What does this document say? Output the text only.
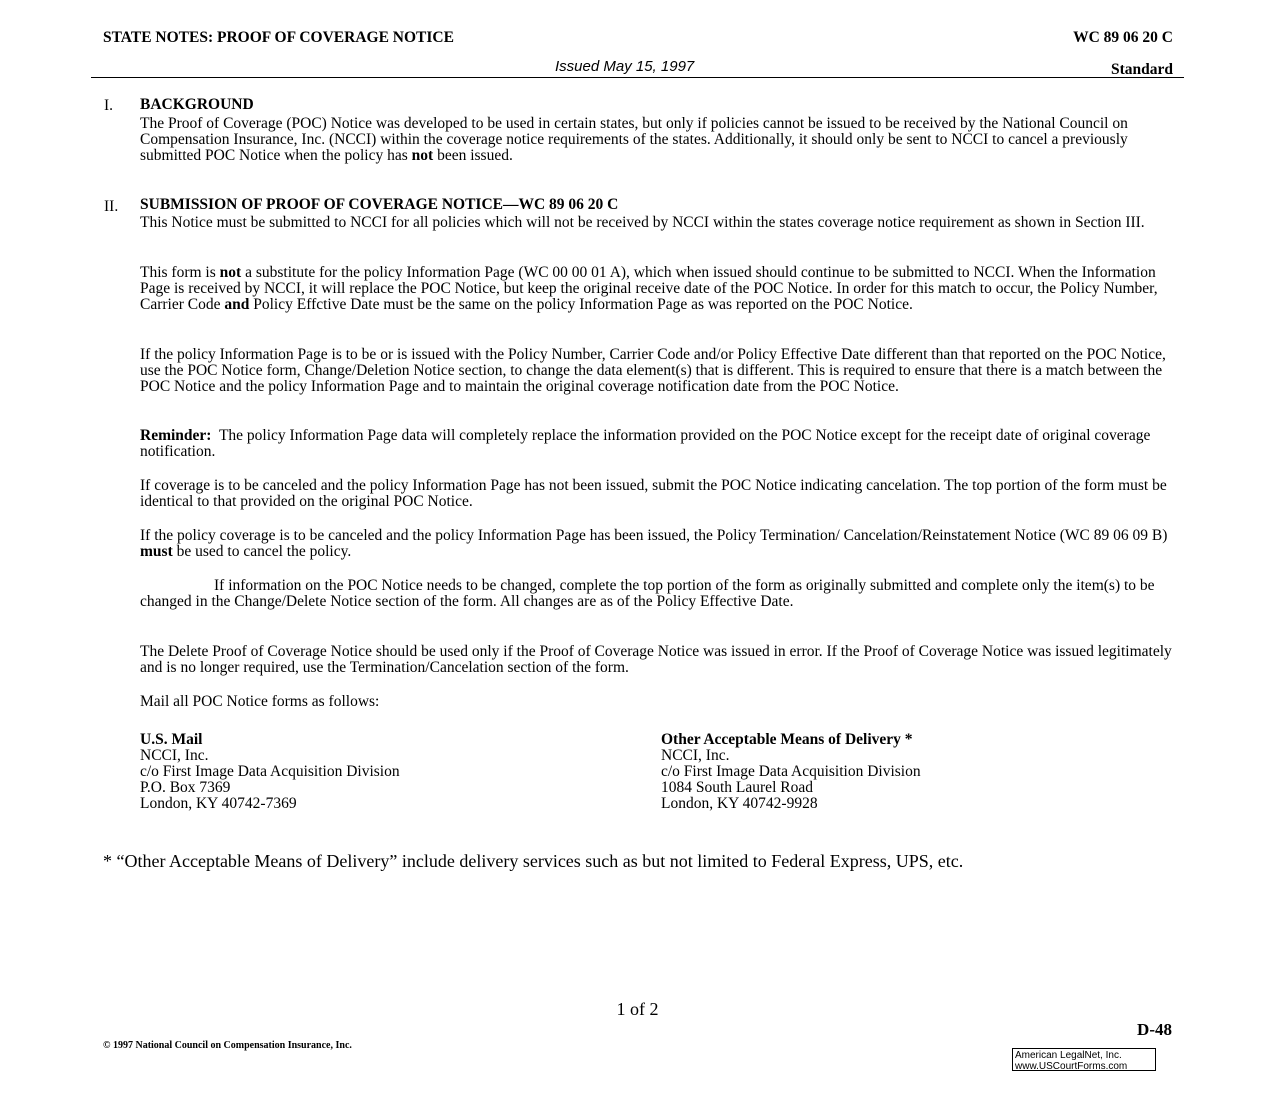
STATE NOTES: PROOF OF COVERAGE NOTICE	WC 89 06 20 C
Issued May 15, 1997	Standard
I. BACKGROUND
The Proof of Coverage (POC) Notice was developed to be used in certain states, but only if policies cannot be issued to be received by the National Council on Compensation Insurance, Inc. (NCCI) within the coverage notice requirements of the states. Additionally, it should only be sent to NCCI to cancel a previously submitted POC Notice when the policy has not been issued.
II. SUBMISSION OF PROOF OF COVERAGE NOTICE—WC 89 06 20 C
This Notice must be submitted to NCCI for all policies which will not be received by NCCI within the states coverage notice requirement as shown in Section III.
This form is not a substitute for the policy Information Page (WC 00 00 01 A), which when issued should continue to be submitted to NCCI. When the Information Page is received by NCCI, it will replace the POC Notice, but keep the original receive date of the POC Notice. In order for this match to occur, the Policy Number, Carrier Code and Policy Effctive Date must be the same on the policy Information Page as was reported on the POC Notice.
If the policy Information Page is to be or is issued with the Policy Number, Carrier Code and/or Policy Effective Date different than that reported on the POC Notice, use the POC Notice form, Change/Deletion Notice section, to change the data element(s) that is different. This is required to ensure that there is a match between the POC Notice and the policy Information Page and to maintain the original coverage notification date from the POC Notice.
Reminder: The policy Information Page data will completely replace the information provided on the POC Notice except for the receipt date of original coverage notification.
If coverage is to be canceled and the policy Information Page has not been issued, submit the POC Notice indicating cancelation. The top portion of the form must be identical to that provided on the original POC Notice.
If the policy coverage is to be canceled and the policy Information Page has been issued, the Policy Termination/ Cancelation/Reinstatement Notice (WC 89 06 09 B) must be used to cancel the policy.
If information on the POC Notice needs to be changed, complete the top portion of the form as originally submitted and complete only the item(s) to be changed in the Change/Delete Notice section of the form. All changes are as of the Policy Effective Date.
The Delete Proof of Coverage Notice should be used only if the Proof of Coverage Notice was issued in error. If the Proof of Coverage Notice was issued legitimately and is no longer required, use the Termination/Cancelation section of the form.
Mail all POC Notice forms as follows:
U.S. Mail
NCCI, Inc.
c/o First Image Data Acquisition Division
P.O. Box 7369
London, KY 40742-7369
Other Acceptable Means of Delivery *
NCCI, Inc.
c/o First Image Data Acquisition Division
1084 South Laurel Road
London, KY 40742-9928
* “Other Acceptable Means of Delivery” include delivery services such as but not limited to Federal Express, UPS, etc.
1 of 2
D-48
© 1997 National Council on Compensation Insurance, Inc.
American LegalNet, Inc.
www.USCourtForms.com
